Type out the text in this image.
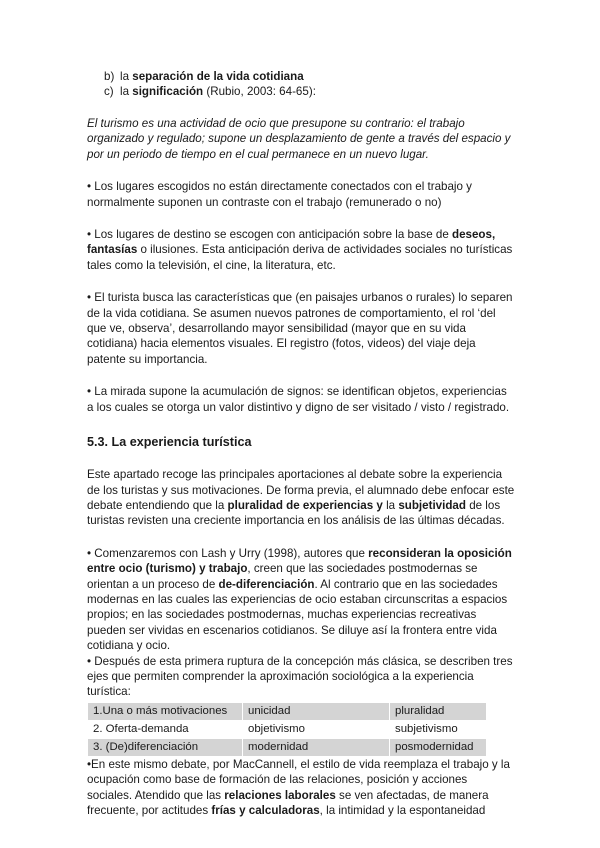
b) la separación de la vida cotidiana
c) la significación (Rubio, 2003: 64-65):

El turismo es una actividad de ocio que presupone su contrario: el trabajo organizado y regulado; supone un desplazamiento de gente a través del espacio y por un periodo de tiempo en el cual permanece en un nuevo lugar.

• Los lugares escogidos no están directamente conectados con el trabajo y normalmente suponen un contraste con el trabajo (remunerado o no)

• Los lugares de destino se escogen con anticipación sobre la base de deseos, fantasías o ilusiones. Esta anticipación deriva de actividades sociales no turísticas tales como la televisión, el cine, la literatura, etc.

• El turista busca las características que (en paisajes urbanos o rurales) lo separen de la vida cotidiana. Se asumen nuevos patrones de comportamiento, el rol ‘del que ve, observa’, desarrollando mayor sensibilidad (mayor que en su vida cotidiana) hacia elementos visuales. El registro (fotos, videos) del viaje deja patente su importancia.

• La mirada supone la acumulación de signos: se identifican objetos, experiencias a los cuales se otorga un valor distintivo y digno de ser visitado / visto / registrado.

5.3. La experiencia turística

Este apartado recoge las principales aportaciones al debate sobre la experiencia de los turistas y sus motivaciones. De forma previa, el alumnado debe enfocar este debate entendiendo que la pluralidad de experiencias y la subjetividad de los turistas revisten una creciente importancia en los análisis de las últimas décadas.

• Comenzaremos con Lash y Urry (1998), autores que reconsideran la oposición entre ocio (turismo) y trabajo, creen que las sociedades postmodernas se orientan a un proceso de de-diferenciación. Al contrario que en las sociedades modernas en las cuales las experiencias de ocio estaban circunscritas a espacios propios; en las sociedades postmodernas, muchas experiencias recreativas pueden ser vividas en escenarios cotidianos. Se diluye así la frontera entre vida cotidiana y ocio.

• Después de esta primera ruptura de la concepción más clásica, se describen tres ejes que permiten comprender la aproximación sociológica a la experiencia turística:

1.Una o más motivaciones	unicidad	pluralidad
2. Oferta-demanda	objetivismo	subjetivismo
3. (De)diferenciación	modernidad	posmodernidad

•En este mismo debate, por MacCannell, el estilo de vida reemplaza el trabajo y la ocupación como base de formación de las relaciones, posición y acciones sociales. Atendido que las relaciones laborales se ven afectadas, de manera frecuente, por actitudes frías y calculadoras, la intimidad y la espontaneidad
